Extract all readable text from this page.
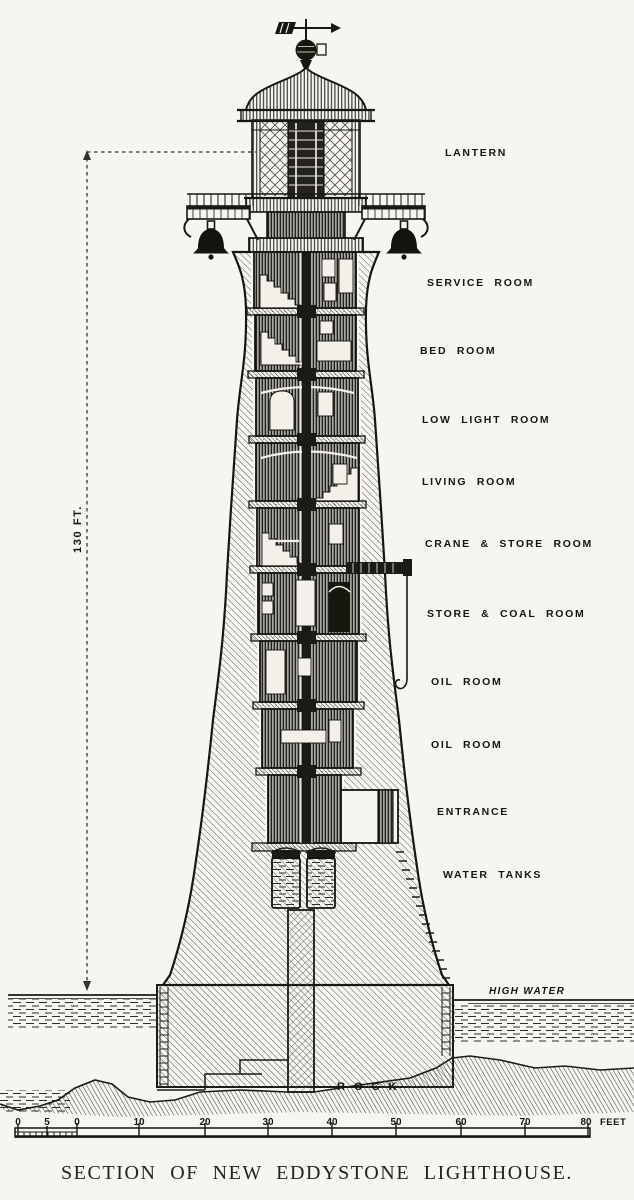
LANTERN
SERVICE ROOM
BED ROOM
LOW LIGHT ROOM
LIVING ROOM
CRANE & STORE ROOM
STORE & COAL ROOM
OIL ROOM
OIL ROOM
ENTRANCE
WATER TANKS
130 FT.
HIGH WATER
ROCK
0 5 0	10	20	30	40	50	60	70	80 FEET
SECTION OF NEW EDDYSTONE LIGHTHOUSE.
